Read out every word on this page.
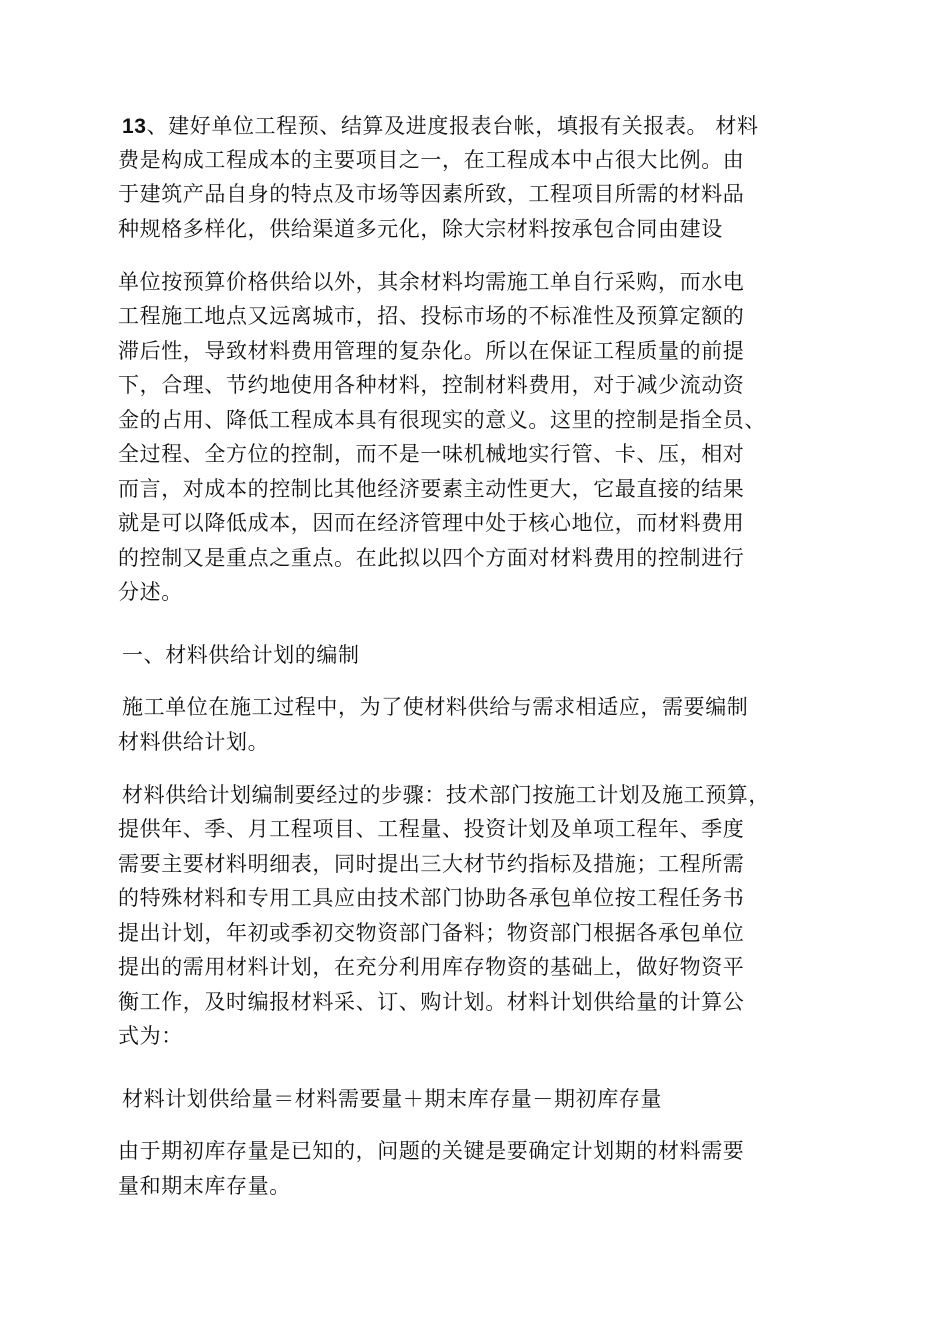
13、建好单位工程预、结算及进度报表台帐，填报有关报表。 材料
费是构成工程成本的主要项目之一，在工程成本中占很大比例。由
于建筑产品自身的特点及市场等因素所致，工程项目所需的材料品
种规格多样化，供给渠道多元化，除大宗材料按承包合同由建设
单位按预算价格供给以外，其余材料均需施工单自行采购，而水电
工程施工地点又远离城市，招、投标市场的不标准性及预算定额的
滞后性，导致材料费用管理的复杂化。所以在保证工程质量的前提
下，合理、节约地使用各种材料，控制材料费用，对于减少流动资
金的占用、降低工程成本具有很现实的意义。这里的控制是指全员、
全过程、全方位的控制，而不是一味机械地实行管、卡、压，相对
而言，对成本的控制比其他经济要素主动性更大，它最直接的结果
就是可以降低成本，因而在经济管理中处于核心地位，而材料费用
的控制又是重点之重点。在此拟以四个方面对材料费用的控制进行
分述。
一、材料供给计划的编制
施工单位在施工过程中，为了使材料供给与需求相适应，需要编制
材料供给计划。
材料供给计划编制要经过的步骤：技术部门按施工计划及施工预算，
提供年、季、月工程项目、工程量、投资计划及单项工程年、季度
需要主要材料明细表，同时提出三大材节约指标及措施；工程所需
的特殊材料和专用工具应由技术部门协助各承包单位按工程任务书
提出计划，年初或季初交物资部门备料；物资部门根据各承包单位
提出的需用材料计划，在充分利用库存物资的基础上，做好物资平
衡工作，及时编报材料采、订、购计划。材料计划供给量的计算公
式为：
材料计划供给量＝材料需要量＋期末库存量－期初库存量
由于期初库存量是已知的，问题的关键是要确定计划期的材料需要
量和期末库存量。
